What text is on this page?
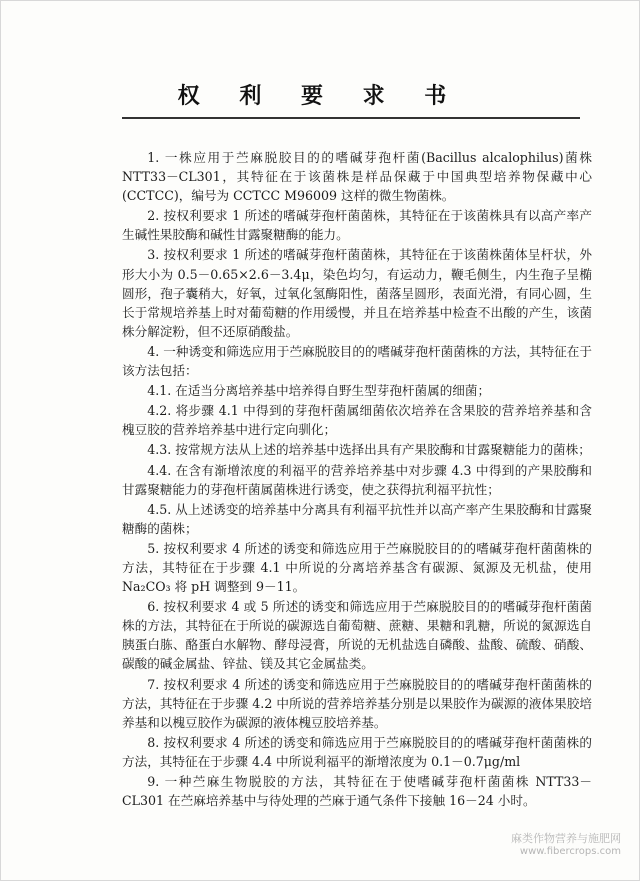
权 利 要 求 书

1. 一株应用于苎麻脱胶目的的嗜碱芽孢杆菌(Bacillus alcalophilus)菌株 NTT33－CL301，其特征在于该菌株是样品保藏于中国典型培养物保藏中心(CCTCC)，编号为 CCTCC M96009 这样的微生物菌株。

2. 按权利要求 1 所述的嗜碱芽孢杆菌菌株，其特征在于该菌株具有以高产率产生碱性果胶酶和碱性甘露聚糖酶的能力。

3. 按权利要求 1 所述的嗜碱芽孢杆菌菌株，其特征在于该菌株菌体呈杆状，外形大小为 0.5－0.65×2.6－3.4μ，染色均匀，有运动力，鞭毛侧生，内生孢子呈椭圆形，孢子囊稍大，好氧，过氧化氢酶阳性，菌落呈圆形，表面光滑，有同心圆，生长于常规培养基上时对葡萄糖的作用缓慢，并且在培养基中检查不出酸的产生，该菌株分解淀粉，但不还原硝酸盐。

4. 一种诱变和筛选应用于苎麻脱胶目的的嗜碱芽孢杆菌菌株的方法，其特征在于该方法包括：

4.1. 在适当分离培养基中培养得自野生型芽孢杆菌属的细菌；

4.2. 将步骤 4.1 中得到的芽孢杆菌属细菌依次培养在含果胶的营养培养基和含槐豆胶的营养培养基中进行定向驯化；

4.3. 按常规方法从上述的培养基中选择出具有产果胶酶和甘露聚糖能力的菌株；

4.4. 在含有渐增浓度的利福平的营养培养基中对步骤 4.3 中得到的产果胶酶和甘露聚糖能力的芽孢杆菌属菌株进行诱变，使之获得抗利福平抗性；

4.5. 从上述诱变的培养基中分离具有利福平抗性并以高产率产生果胶酶和甘露聚糖酶的菌株；

5. 按权利要求 4 所述的诱变和筛选应用于苎麻脱胶目的的嗜碱芽孢杆菌菌株的方法，其特征在于步骤 4.1 中所说的分离培养基含有碳源、氮源及无机盐，使用 Na₂CO₃ 将 pH 调整到 9－11。

6. 按权利要求 4 或 5 所述的诱变和筛选应用于苎麻脱胶目的的嗜碱芽孢杆菌菌株的方法，其特征在于所说的碳源选自葡萄糖、蔗糖、果糖和乳糖，所说的氮源选自胰蛋白胨、酪蛋白水解物、酵母浸膏，所说的无机盐选自磷酸、盐酸、硫酸、硝酸、碳酸的碱金属盐、锌盐、镁及其它金属盐类。

7. 按权利要求 4 所述的诱变和筛选应用于苎麻脱胶目的的嗜碱芽孢杆菌菌株的方法，其特征在于步骤 4.2 中所说的营养培养基分别是以果胶作为碳源的液体果胶培养基和以槐豆胶作为碳源的液体槐豆胶培养基。

8. 按权利要求 4 所述的诱变和筛选应用于苎麻脱胶目的的嗜碱芽孢杆菌菌株的方法，其特征在于步骤 4.4 中所说利福平的渐增浓度为 0.1－0.7μg/ml

9. 一种苎麻生物脱胶的方法，其特征在于使嗜碱芽孢杆菌菌株 NTT33－CL301 在苎麻培养基中与待处理的苎麻于通气条件下接触 16－24 小时。

麻类作物营养与施肥网
www.fibercrops.com
